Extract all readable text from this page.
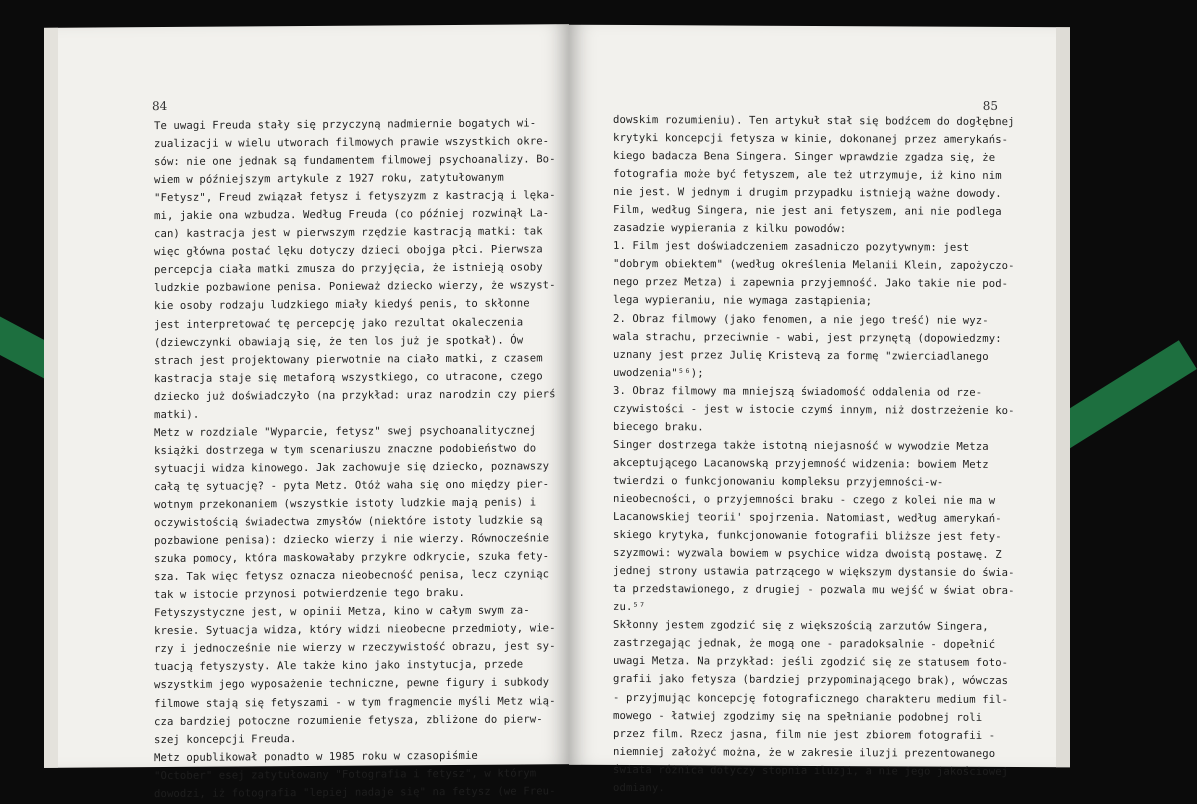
84
Te uwagi Freuda stały się przyczyną nadmiernie bogatych wi-
zualizacji w wielu utworach filmowych prawie wszystkich okre-
sów: nie one jednak są fundamentem filmowej psychoanalizy. Bo-
wiem w późniejszym artykule z 1927 roku, zatytułowanym
"Fetysz", Freud związał fetysz i fetyszyzm z kastracją i lęka-
mi, jakie ona wzbudza. Według Freuda (co później rozwinął La-
can) kastracja jest w pierwszym rzędzie kastracją matki: tak
więc główna postać lęku dotyczy dzieci obojga płci. Pierwsza
percepcja ciała matki zmusza do przyjęcia, że istnieją osoby
ludzkie pozbawione penisa. Ponieważ dziecko wierzy, że wszyst-
kie osoby rodzaju ludzkiego miały kiedyś penis, to skłonne
jest interpretować tę percepcję jako rezultat okaleczenia
(dziewczynki obawiają się, że ten los już je spotkał). Ów
strach jest projektowany pierwotnie na ciało matki, z czasem
kastracja staje się metaforą wszystkiego, co utracone, czego
dziecko już doświadczyło (na przykład: uraz narodzin czy pierś
matki).
Metz w rozdziale "Wyparcie, fetysz" swej psychoanalitycznej
książki dostrzega w tym scenariuszu znaczne podobieństwo do
sytuacji widza kinowego. Jak zachowuje się dziecko, poznawszy
całą tę sytuację? - pyta Metz. Otóż waha się ono między pier-
wotnym przekonaniem (wszystkie istoty ludzkie mają penis) i
oczywistością świadectwa zmysłów (niektóre istoty ludzkie są
pozbawione penisa): dziecko wierzy i nie wierzy. Równocześnie
szuka pomocy, która maskowałaby przykre odkrycie, szuka fety-
sza. Tak więc fetysz oznacza nieobecność penisa, lecz czyniąc
tak w istocie przynosi potwierdzenie tego braku.
Fetyszystyczne jest, w opinii Metza, kino w całym swym za-
kresie. Sytuacja widza, który widzi nieobecne przedmioty, wie-
rzy i jednocześnie nie wierzy w rzeczywistość obrazu, jest sy-
tuacją fetyszysty. Ale także kino jako instytucja, przede
wszystkim jego wyposażenie techniczne, pewne figury i subkody
filmowe stają się fetyszami - w tym fragmencie myśli Metz wią-
cza bardziej potoczne rozumienie fetysza, zbliżone do pierw-
szej koncepcji Freuda.
Metz opublikował ponadto w 1985 roku w czasopiśmie
"October" esej zatytułowany "Fotografia i fetysz", w którym
dowodzi, iż fotografia "lepiej nadaje się" na fetysz (we Freu-
85
dowskim rozumieniu). Ten artykuł stał się bodźcem do dogłębnej
krytyki koncepcji fetysza w kinie, dokonanej przez amerykańs-
kiego badacza Bena Singera. Singer wprawdzie zgadza się, że
fotografia może być fetyszem, ale też utrzymuje, iż kino nim
nie jest. W jednym i drugim przypadku istnieją ważne dowody.
Film, według Singera, nie jest ani fetyszem, ani nie podlega
zasadzie wypierania z kilku powodów:
1. Film jest doświadczeniem zasadniczo pozytywnym: jest
"dobrym obiektem" (według określenia Melanii Klein, zapożyczo-
nego przez Metza) i zapewnia przyjemność. Jako takie nie pod-
lega wypieraniu, nie wymaga zastąpienia;
2. Obraz filmowy (jako fenomen, a nie jego treść) nie wyz-
wala strachu, przeciwnie - wabi, jest przynętą (dopowiedzmy:
uznany jest przez Julię Kristevą za formę "zwierciadlanego
uwodzenia"⁵⁶);
3. Obraz filmowy ma mniejszą świadomość oddalenia od rze-
czywistości - jest w istocie czymś innym, niż dostrzeżenie ko-
biecego braku.
Singer dostrzega także istotną niejasność w wywodzie Metza
akceptującego Lacanowską przyjemność widzenia: bowiem Metz
twierdzi o funkcjonowaniu kompleksu przyjemności-w-
nieobecności, o przyjemności braku - czego z kolei nie ma w
Lacanowskiej teorii' spojrzenia. Natomiast, według amerykań-
skiego krytyka, funkcjonowanie fotografii bliższe jest fety-
szyzmowi: wyzwala bowiem w psychice widza dwoistą postawę. Z
jednej strony ustawia patrzącego w większym dystansie do świa-
ta przedstawionego, z drugiej - pozwala mu wejść w świat obra-
zu.⁵⁷
Skłonny jestem zgodzić się z większością zarzutów Singera,
zastrzegając jednak, że mogą one - paradoksalnie - dopełnić
uwagi Metza. Na przykład: jeśli zgodzić się ze statusem foto-
grafii jako fetysza (bardziej przypominającego brak), wówczas
- przyjmując koncepcję fotograficznego charakteru medium fil-
mowego - łatwiej zgodzimy się na spełnianie podobnej roli
przez film. Rzecz jasna, film nie jest zbiorem fotografii -
niemniej założyć można, że w zakresie iluzji prezentowanego
świata różnica dotyczy stopnia iluzji, a nie jego jakościowej
odmiany.
